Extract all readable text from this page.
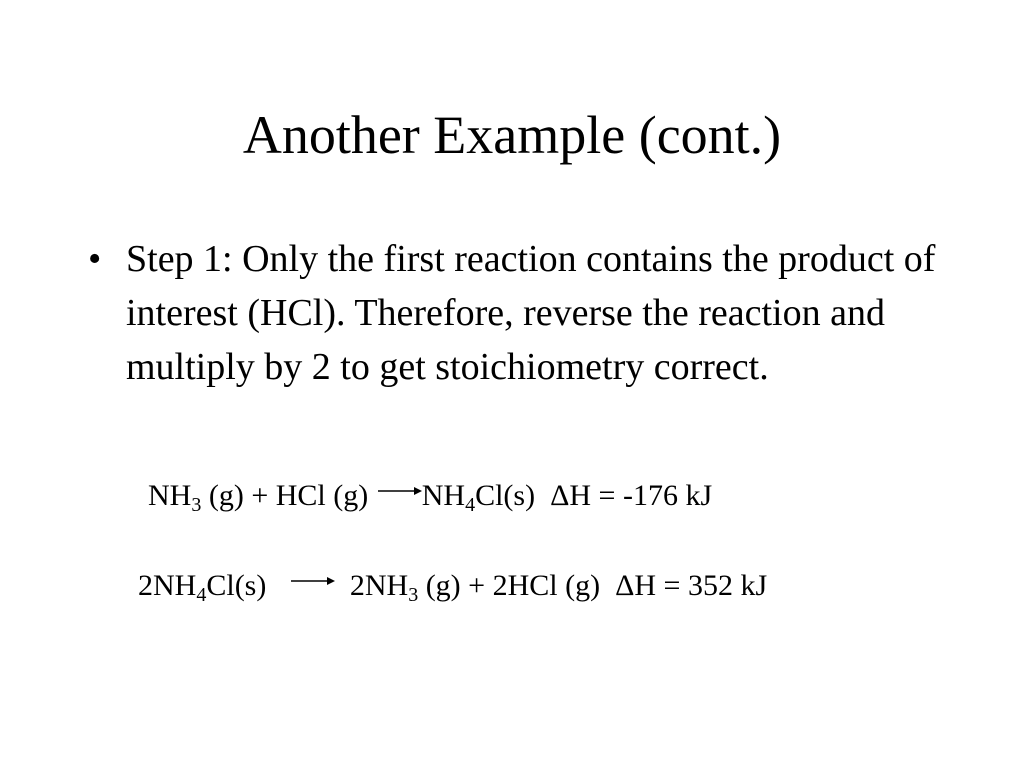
Another Example (cont.)
• Step 1: Only the first reaction contains the product of interest (HCl). Therefore, reverse the reaction and multiply by 2 to get stoichiometry correct.
$NH_3$ (g) + HCl $(g) \to NH_4Cl(s) \Delta H = -176$ kJ
$2NH_4Cl(s) \to 2NH_3$ (g) + 2HCl (g) ΔH = 352 kJ
